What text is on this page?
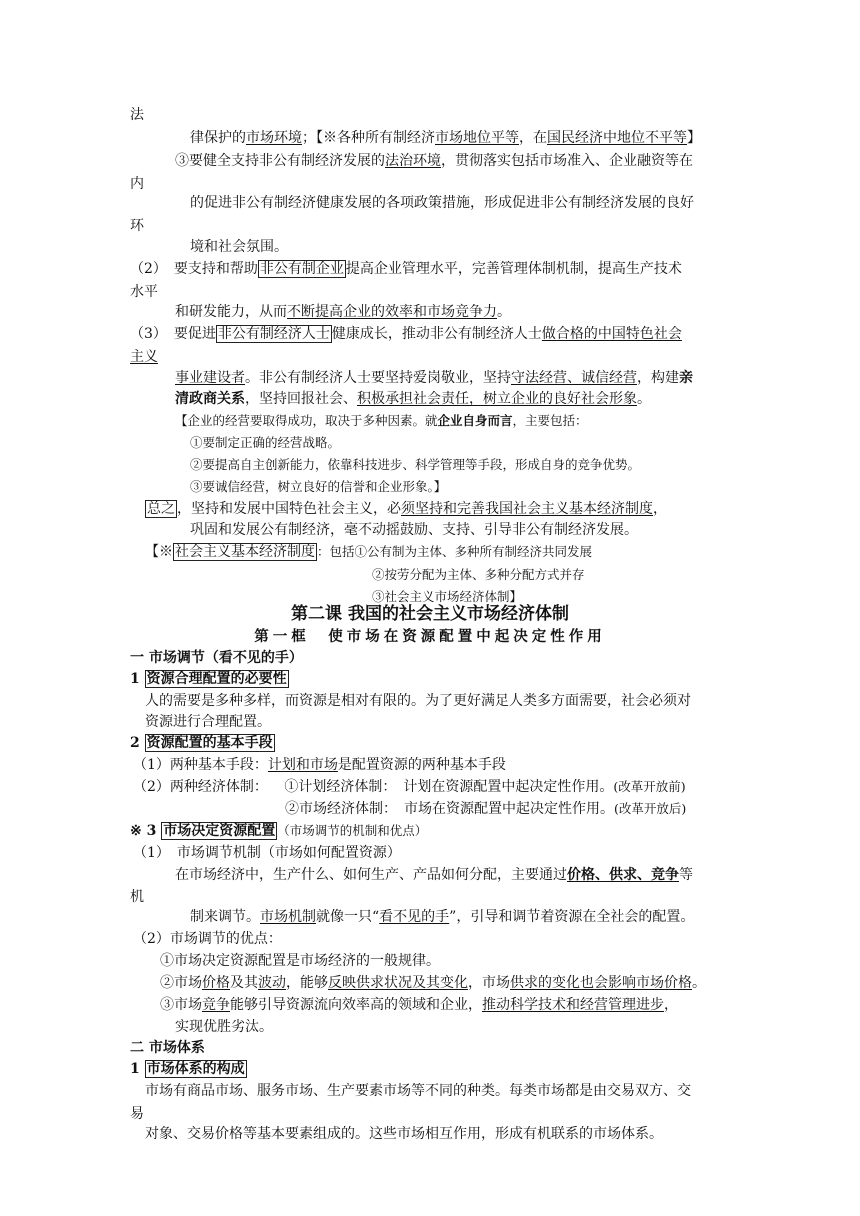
法
律保护的市场环境；【※各种所有制经济市场地位平等，在国民经济中地位不平等】
③要健全支持非公有制经济发展的法治环境，贯彻落实包括市场准入、企业融资等在
内
的促进非公有制经济健康发展的各项政策措施，形成促进非公有制经济发展的良好
环
境和社会氛围。
（2）　要支持和帮助 非公有制企业 提高企业管理水平，完善管理体制机制，提高生产技术
水平
和研发能力，从而不断提高企业的效率和市场竞争力。
（3）　要促进 非公有制经济人士 健康成长，推动非公有制经济人士做合格的中国特色社会
主义
事业建设者。非公有制经济人士要坚持爱岗敬业，坚持守法经营、诚信经营，构建亲
清政商关系，坚持回报社会、积极承担社会责任，树立企业的良好社会形象。
【企业的经营要取得成功，取决于多种因素。就企业自身而言，主要包括：
①要制定正确的经营战略。
②要提高自主创新能力，依靠科技进步、科学管理等手段，形成自身的竞争优势。
③要诚信经营，树立良好的信誉和企业形象。】
总之 ，坚持和发展中国特色社会主义，必须坚持和完善我国社会主义基本经济制度，
巩固和发展公有制经济，毫不动摇鼓励、支持、引导非公有制经济发展。
【※ 社会主义基本经济制度 ：包括①公有制为主体、多种所有制经济共同发展
②按劳分配为主体、多种分配方式并存
③社会主义市场经济体制】
第二课 我国的社会主义市场经济体制
第一框　使市场在资源配置中起决定性作用
一 市场调节（看不见的手）
1 资源合理配置的必要性
人的需要是多种多样，而资源是相对有限的。为了更好满足人类多方面需要，社会必须对
资源进行合理配置。
2 资源配置的基本手段
（1）两种基本手段：计划和市场是配置资源的两种基本手段
（2）两种经济体制： ①计划经济体制：　计划在资源配置中起决定性作用。(改革开放前)
②市场经济体制：　市场在资源配置中起决定性作用。(改革开放后)
※ 3 市场决定资源配置 （市场调节的机制和优点）
（1）　市场调节机制（市场如何配置资源）
在市场经济中，生产什么、如何生产、产品如何分配，主要通过价格、供求、竞争等
机
制来调节。市场机制就像一只“看不见的手”，引导和调节着资源在全社会的配置。
（2）市场调节的优点：
①市场决定资源配置是市场经济的一般规律。
②市场价格及其波动，能够反映供求状况及其变化，市场供求的变化也会影响市场价格。
③市场竞争能够引导资源流向效率高的领域和企业，推动科学技术和经营管理进步，
实现优胜劣汰。
二 市场体系
1 市场体系的构成
市场有商品市场、服务市场、生产要素市场等不同的种类。每类市场都是由交易双方、交
易
对象、交易价格等基本要素组成的。这些市场相互作用，形成有机联系的市场体系。
